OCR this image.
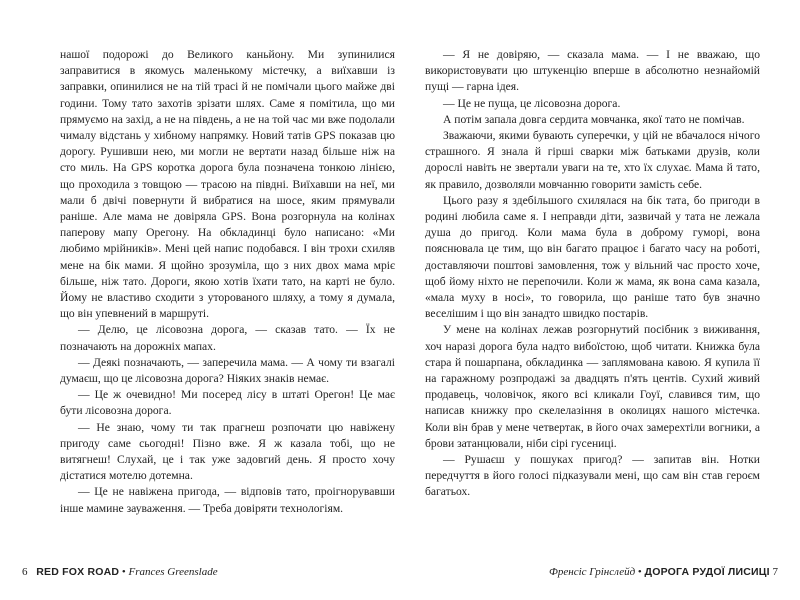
нашої подорожі до Великого каньйону. Ми зупинилися заправитися в якомусь маленькому містечку, а виїхавши із заправки, опинилися не на тій трасі й не помічали цього майже дві години. Тому тато захотів зрізати шлях. Саме я помітила, що ми прямуємо на захід, а не на південь, а не на той час ми вже подолали чималу відстань у хибному напрямку. Новий татів GPS показав цю дорогу. Рушивши нею, ми могли не вертати назад більше ніж на сто миль. На GPS коротка дорога була позначена тонкою лінією, що проходила з товщою — трасою на півдні. Виїхавши на неї, ми мали б двічі повернути й вибратися на шосе, яким прямували раніше. Але мама не довіряла GPS. Вона розгорнула на колінах паперову мапу Орегону. На обкладинці було написано: «Ми любимо мрійників». Мені цей напис подобався. І він трохи схиляв мене на бік мами. Я щойно зрозуміла, що з них двох мама мріє більше, ніж тато. Дороги, якою хотів їхати тато, на карті не було. Йому не властиво сходити з уторованого шляху, а тому я думала, що він упевнений в маршруті.

— Делю, це лісовозна дорога, — сказав тато. — Їх не позначають на дорожніх мапах.

— Деякі позначають, — заперечила мама. — А чому ти взагалі думаєш, що це лісовозна дорога? Ніяких знаків немає.

— Це ж очевидно! Ми посеред лісу в штаті Орегон! Це має бути лісовозна дорога.

— Не знаю, чому ти так прагнеш розпочати цю навіжену пригоду саме сьогодні! Пізно вже. Я ж казала тобі, що не витягнеш! Слухай, це і так уже задовгий день. Я просто хочу дістатися мотелю дотемна.

— Це не навіжена пригода, — відповів тато, проігнорувавши інше мамине зауваження. — Треба довіряти технологіям.

— Я не довіряю, — сказала мама. — І не вважаю, що використовувати цю штукенцію вперше в абсолютно незнайомій пущі — гарна ідея.

— Це не пуща, це лісовозна дорога.

А потім запала довга сердита мовчанка, якої тато не помічав.

Зважаючи, якими бувають суперечки, у цій не вбачалося нічого страшного. Я знала й гірші сварки між батьками друзів, коли дорослі навіть не звертали уваги на те, хто їх слухає. Мама й тато, як правило, дозволяли мовчанню говорити замість себе.

Цього разу я здебільшого схилялася на бік тата, бо пригоди в родині любила саме я. І неправди діти, зазвичай у тата не лежала душа до пригод. Коли мама була в доброму гуморі, вона пояснювала це тим, що він багато працює і багато часу на роботі, доставляючи поштові замовлення, тож у вільний час просто хоче, щоб йому ніхто не перепочили. Коли ж мама, як вона сама казала, «мала муху в носі», то говорила, що раніше тато був значно веселішим і що він занадто швидко постарів.

У мене на колінах лежав розгорнутий посібник з виживання, хоч наразі дорога була надто вибоїстою, щоб читати. Книжка була стара й пошарпана, обкладинка — заплямована кавою. Я купила її на гаражному розпродажі за двадцять п'ять центів. Сухий живий продавець, чоловічок, якого всі кликали Гоуї, славився тим, що написав книжку про скелелазіння в околицях нашого містечка. Коли він брав у мене четвертак, в його очах замерехтіли вогники, а брови затанцювали, ніби сірі гусениці.

— Рушаєш у пошуках пригод? — запитав він. Нотки передчуття в його голосі підказували мені, що сам він став героєм багатьох.

6 RED FOX ROAD • Frances Greenslade	Френсіс Грінслейд • ДОРОГА РУДОЇ ЛИСИЦІ 7
